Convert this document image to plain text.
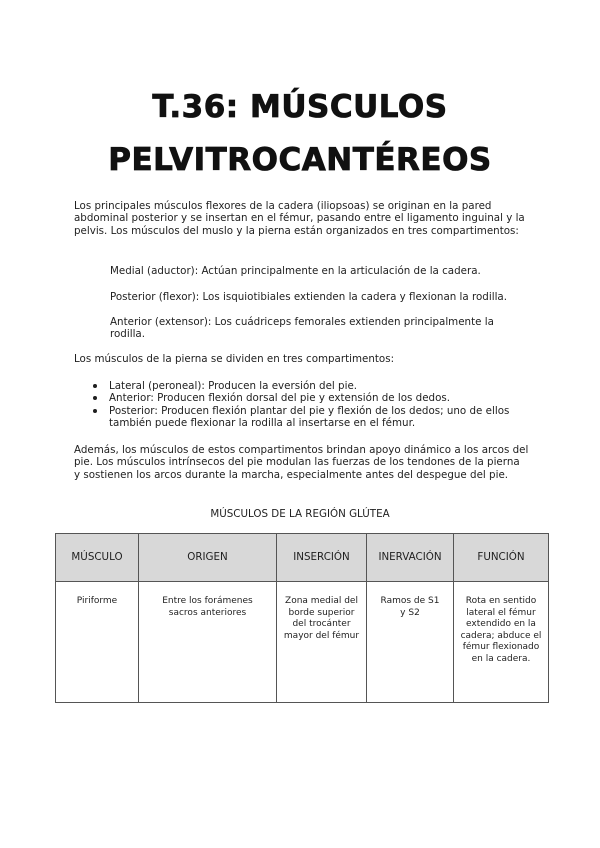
T.36: MÚSCULOS
PELVITROCANTÉREOS
Los principales músculos flexores de la cadera (iliopsoas) se originan en la pared abdominal posterior y se insertan en el fémur, pasando entre el ligamento inguinal y la pelvis. Los músculos del muslo y la pierna están organizados en tres compartimentos:
Medial (aductor): Actúan principalmente en la articulación de la cadera.
Posterior (flexor): Los isquiotibiales extienden la cadera y flexionan la rodilla.
Anterior (extensor): Los cuádriceps femorales extienden principalmente la rodilla.
Los músculos de la pierna se dividen en tres compartimentos:
Lateral (peroneal): Producen la eversión del pie.
Anterior: Producen flexión dorsal del pie y extensión de los dedos.
Posterior: Producen flexión plantar del pie y flexión de los dedos; uno de ellos también puede flexionar la rodilla al insertarse en el fémur.
Además, los músculos de estos compartimentos brindan apoyo dinámico a los arcos del pie. Los músculos intrínsecos del pie modulan las fuerzas de los tendones de la pierna y sostienen los arcos durante la marcha, especialmente antes del despegue del pie.
MÚSCULOS DE LA REGIÓN GLÚTEA
MÚSCULO	ORIGEN	INSERCIÓN	INERVACIÓN	FUNCIÓN
Piriforme	Entre los forámenes sacros anteriores	Zona medial del borde superior del trocánter mayor del fémur	Ramos de S1 y S2	Rota en sentido lateral el fémur extendido en la cadera; abduce el fémur flexionado en la cadera.
